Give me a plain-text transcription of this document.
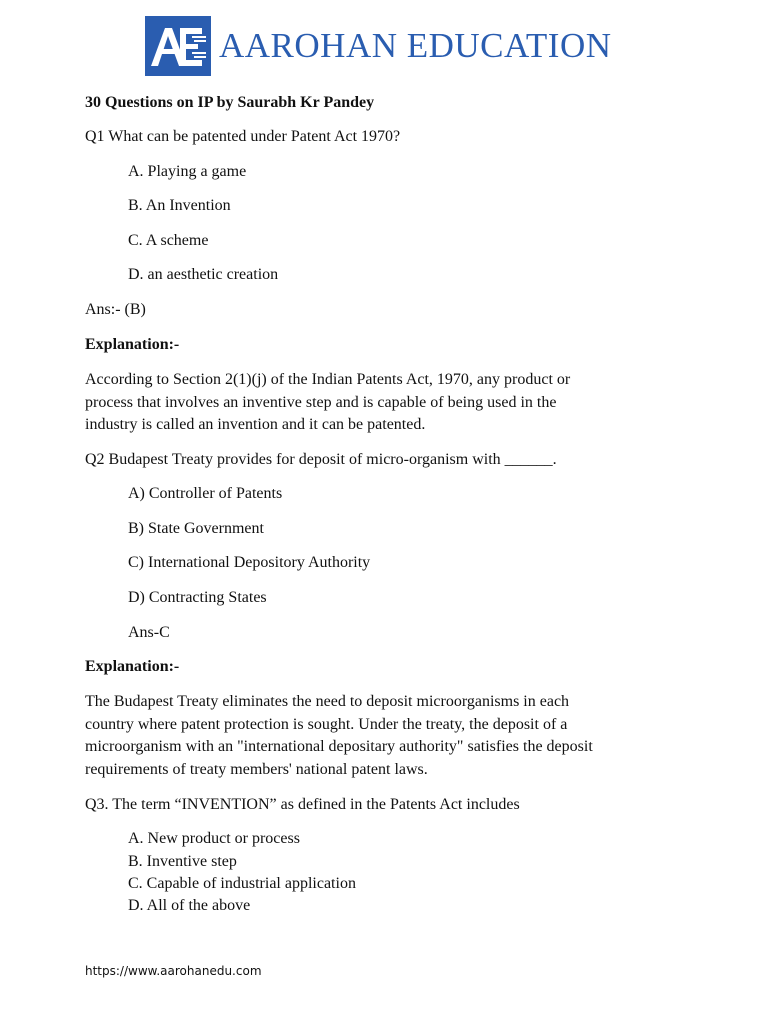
AAROHAN EDUCATION
30 Questions on IP by Saurabh Kr Pandey
Q1 What can be patented under Patent Act 1970?
A. Playing a game
B. An Invention
C. A scheme
D. an aesthetic creation
Ans:- (B)
Explanation:-
According to Section 2(1)(j) of the Indian Patents Act, 1970, any product or
process that involves an inventive step and is capable of being used in the
industry is called an invention and it can be patented.
Q2 Budapest Treaty provides for deposit of micro-organism with ______.
A) Controller of Patents
B) State Government
C) International Depository Authority
D) Contracting States
Ans-C
Explanation:-
The Budapest Treaty eliminates the need to deposit microorganisms in each
country where patent protection is sought. Under the treaty, the deposit of a
microorganism with an "international depositary authority" satisfies the deposit
requirements of treaty members' national patent laws.
Q3. The term “INVENTION” as defined in the Patents Act includes
A. New product or process
B. Inventive step
C. Capable of industrial application
D. All of the above
https://www.aarohanedu.com
